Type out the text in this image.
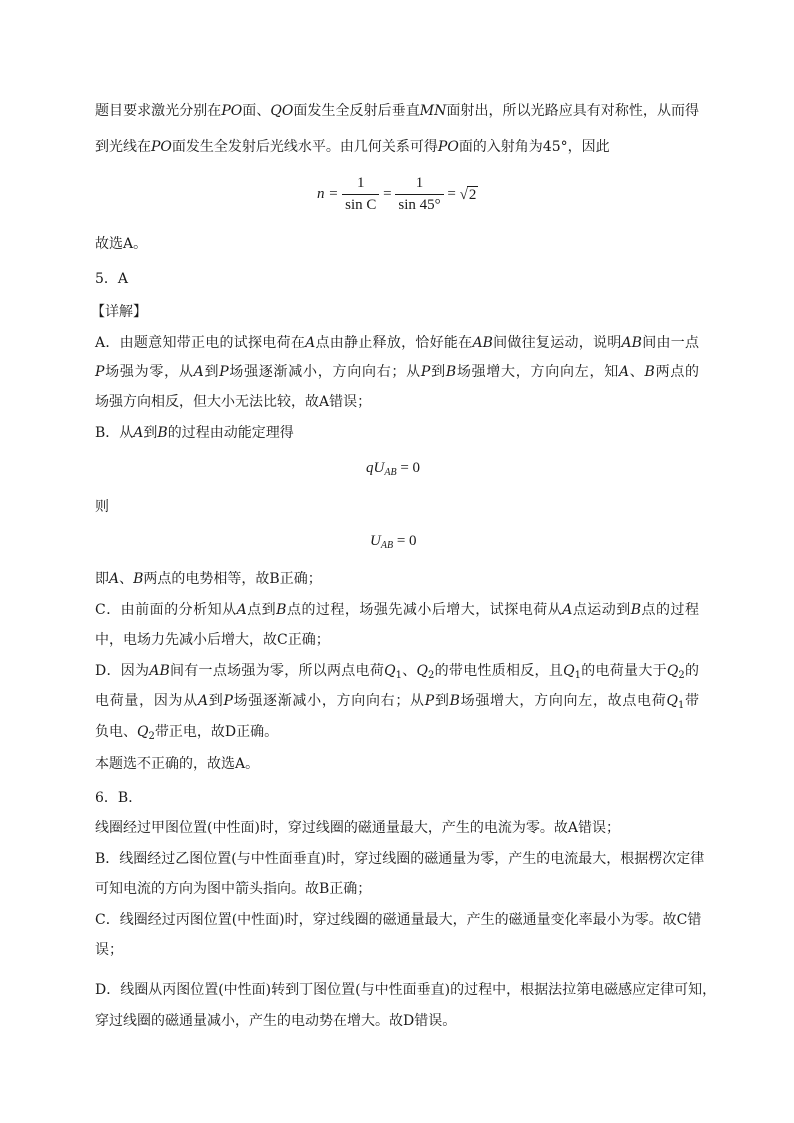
题目要求激光分别在PO面、QO面发生全反射后垂直MN面射出，所以光路应具有对称性，从而得
到光线在PO面发生全发射后光线水平。由几何关系可得PO面的入射角为45°，因此
$n = \frac{1}{\text{sin C}} = \frac{1}{\sin 45^\circ} = √2$
故选A。
5．A
【详解】
A．由题意知带正电的试探电荷在A点由静止释放，恰好能在AB间做往复运动，说明AB间由一点
P场强为零，从A到P场强逐渐减小，方向向右；从P到B场强增大，方向向左，知A、B两点的
场强方向相反，但大小无法比较，故A错误；
B．从A到B的过程由动能定理得
$qU_{AB} = 0$
则
$U_{AB} = 0$
即A、B两点的电势相等，故B正确；
C．由前面的分析知从A点到B点的过程，场强先减小后增大，试探电荷从A点运动到B点的过程
中，电场力先减小后增大，故C正确；
D．因为AB间有一点场强为零，所以两点电荷$Q_1$、$Q_2$的带电性质相反，且$Q_1$的电荷量大于$Q_2$的
电荷量，因为从A到P场强逐渐减小，方向向右；从P到B场强增大，方向向左，故点电荷$Q_1$带
负电、$Q_2$带正电，故D正确。
本题选不正确的，故选A。
6．B．
线圈经过甲图位置(中性面)时，穿过线圈的磁通量最大，产生的电流为零。故A错误；
B．线圈经过乙图位置(与中性面垂直)时，穿过线圈的磁通量为零，产生的电流最大，根据楞次定律
可知电流的方向为图中箭头指向。故B正确；
C．线圈经过丙图位置(中性面)时，穿过线圈的磁通量最大，产生的磁通量变化率最小为零。故C错
误；
D．线圈从丙图位置(中性面)转到丁图位置(与中性面垂直)的过程中，根据法拉第电磁感应定律可知，
穿过线圈的磁通量减小，产生的电动势在增大。故D错误。
